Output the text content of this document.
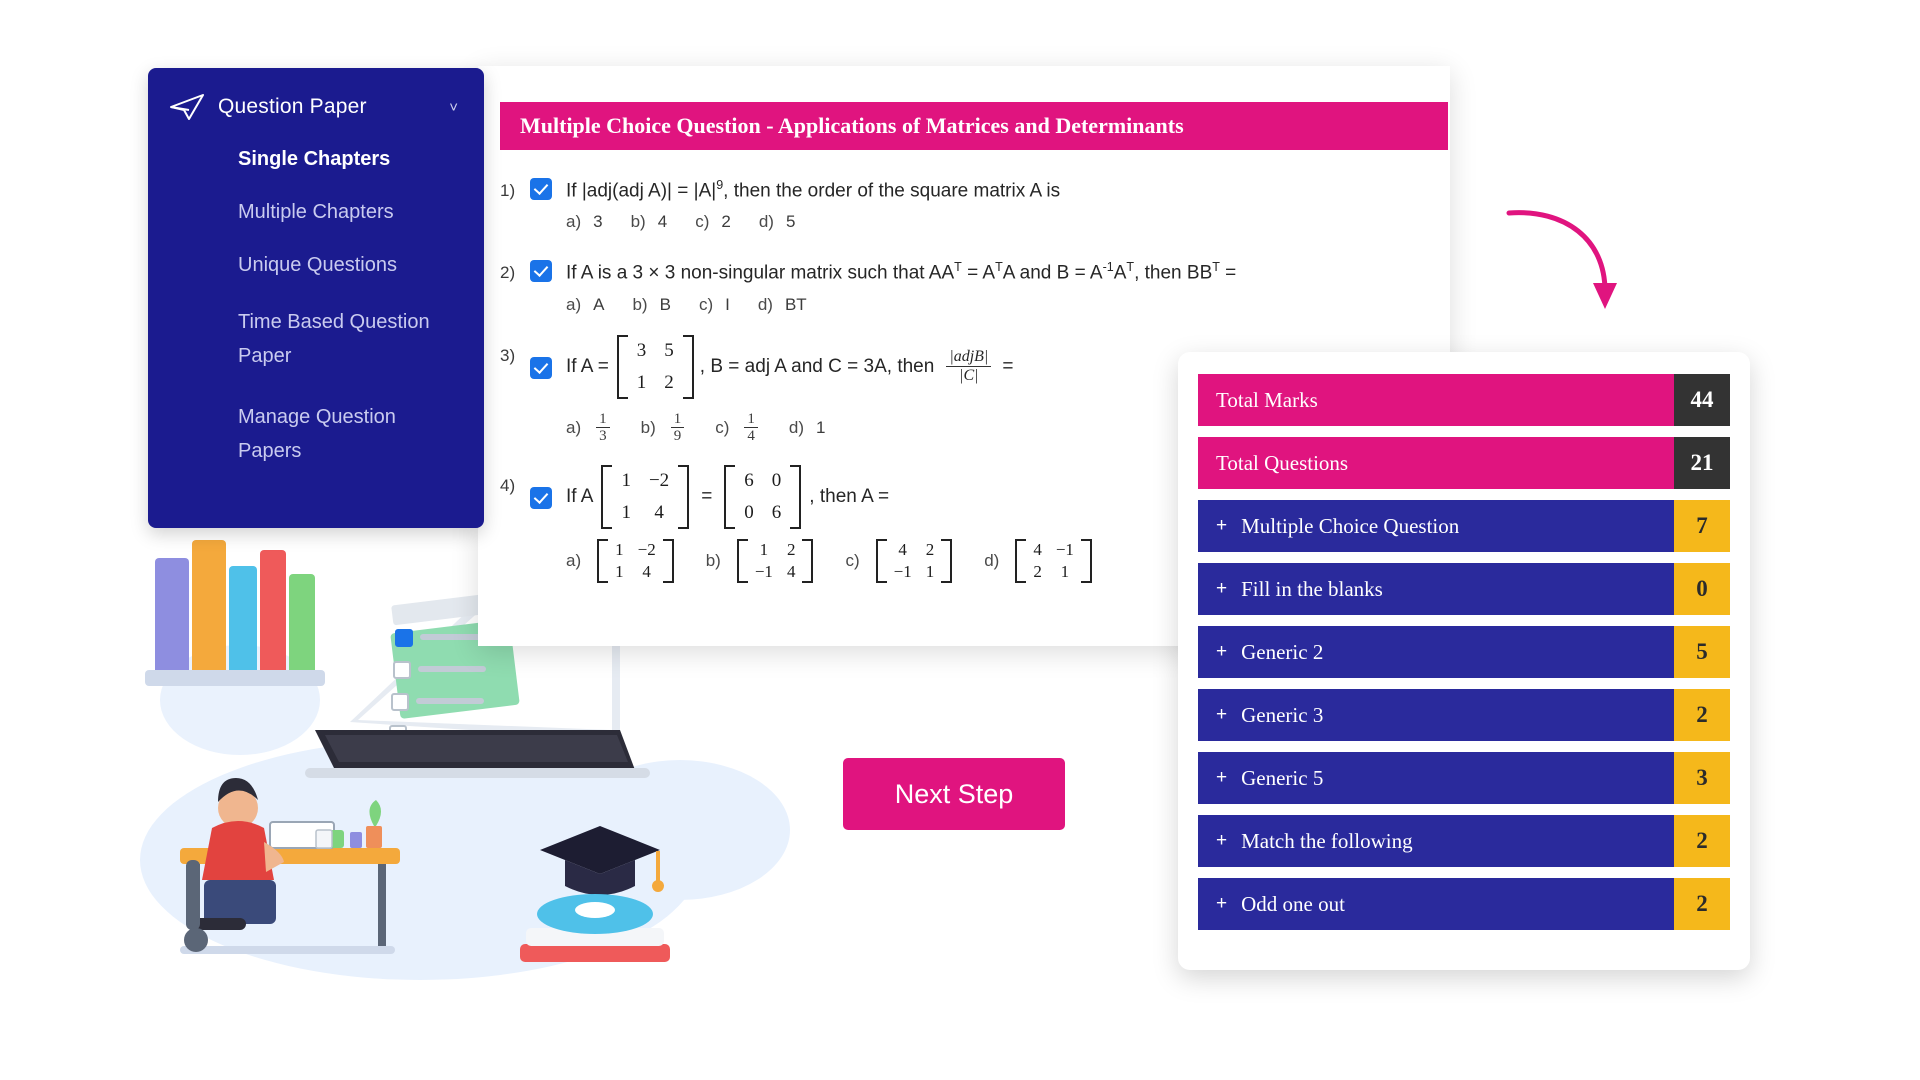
Question Paper	˅
Single Chapters
Multiple Chapters
Unique Questions
Time Based Question Paper
Manage Question Papers
Multiple Choice Question - Applications of Matrices and Determinants
1)	If |adj(adj $A)| = |A|^9$, then the order of the square matrix A is
a) 3 b) 4 c) 2 d) 5
2)	If A is a 3 × 3 non-singular matrix such that $AA^T = A^TA$ and $B = A^{-1}A^T$, then $BB^T$ =
a) A b) B c) I d) BT
3)
If A =
3	5
1	2
, B = adj A and C = 3A, then $\frac{\text{|adjB|}}{|C|}$ =
$a) \frac{1}{3} b) \frac{1}{9} c) \frac{1}{4} d$) 1
4)
If A
1	−2
1	4
=
6	0
0	6
, then A =
a)
1	−2
1	4
b)
1	2
−1	4
c)
4	2
−1	1
d)
4	−1
2	1
Next Step
Total Marks	44
Total Questions	21
+ Multiple Choice Question	7
+ Fill in the blanks	0
+ Generic 2	5
+ Generic 3	2
+ Generic 5	3
+ Match the following	2
+ Odd one out	2
